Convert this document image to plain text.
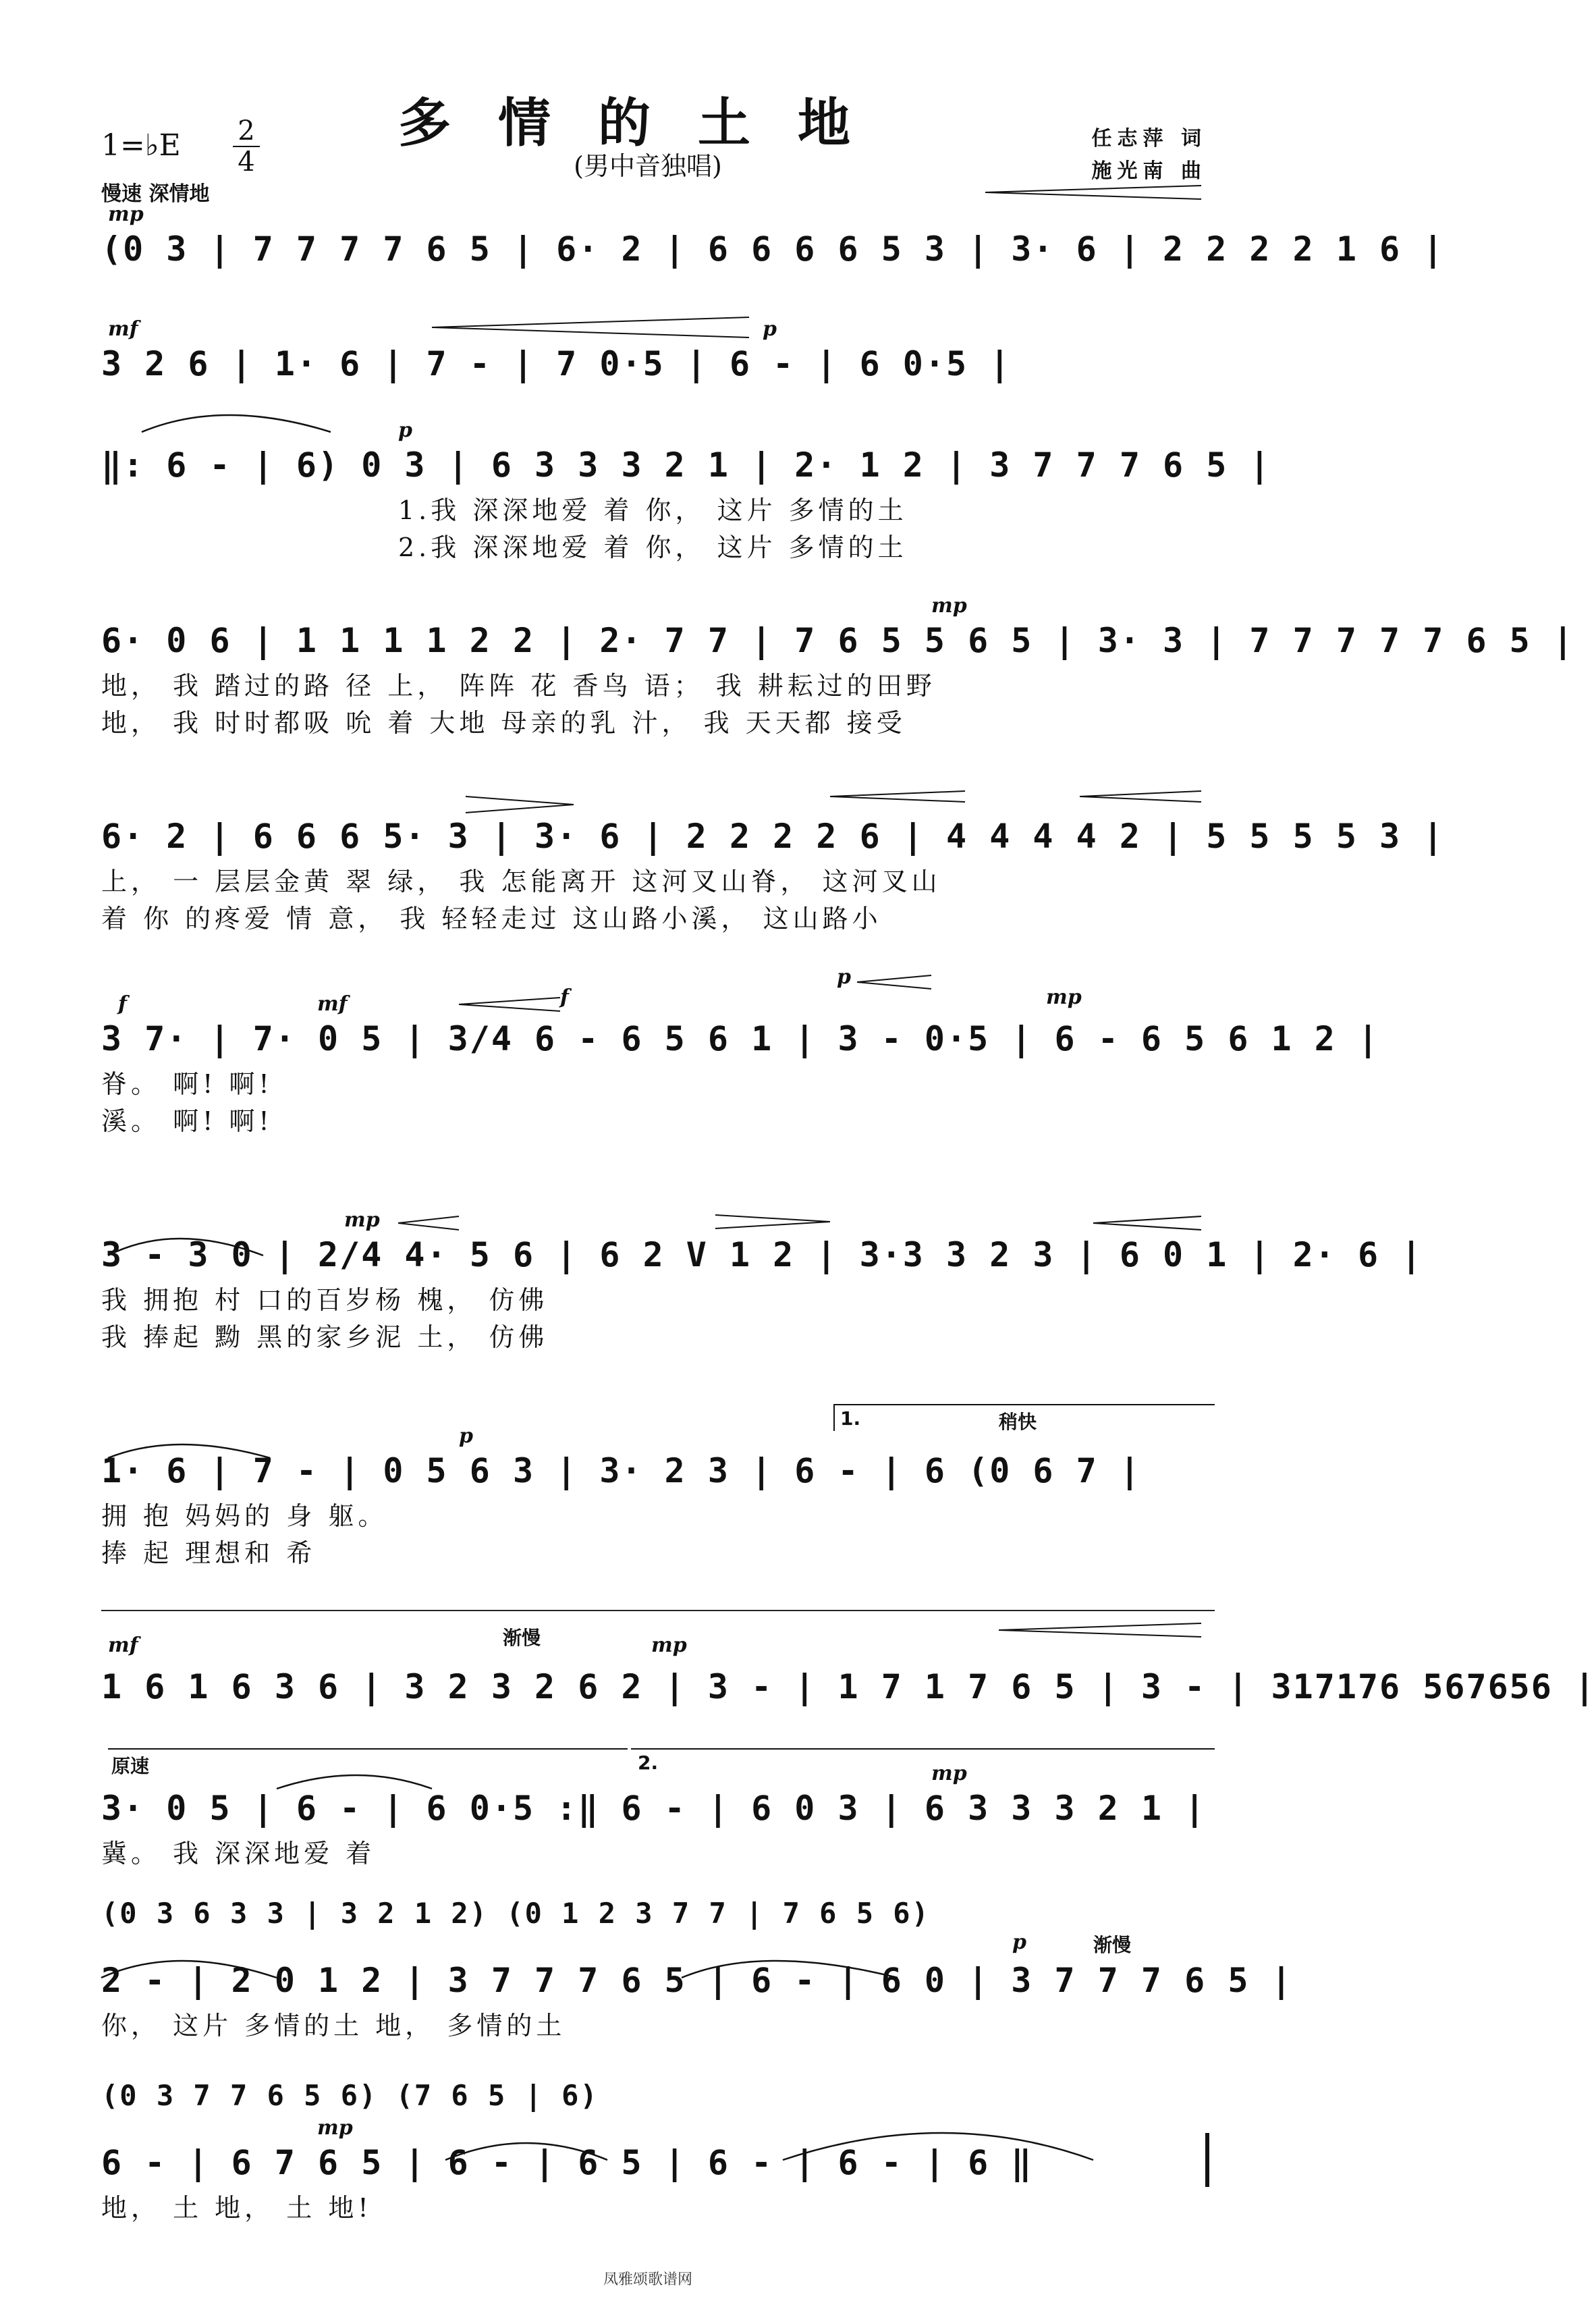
多情的土地
(男中音独唱)
1=♭E 2
4
慢速 深情地
任志萍 词
施光南 曲
mp
(0 3 | 7 7 7 7 6 5 | 6· 2 | 6 6 6 6 5 3 | 3· 6 | 2 2 2 2 1 6 |
mf	p
3 2 6 | 1· 6 | 7 - | 7 0·5 | 6 - | 6 0·5 |
p
‖: 6 - | 6) 0 3 | 6 3 3 3 2 1 | 2· 1 2 | 3 7 7 7 6 5 |
1.我 深深地爱 着 你， 这片 多情的土
2.我 深深地爱 着 你， 这片 多情的土
mp
6· 0 6 | 1 1 1 1 2 2 | 2· 7 7 | 7 6 5 5 6 5 | 3· 3 | 7 7 7 7 7 6 5 |
地， 我 踏过的路 径 上， 阵阵 花 香鸟 语； 我 耕耘过的田野
地， 我 时时都吸 吮 着 大地 母亲的乳 汁， 我 天天都 接受
6· 2 | 6 6 6 5· 3 | 3· 6 | 2 2 2 2 6 | 4 4 4 4 2 | 5 5 5 5 3 |
上， 一 层层金黄 翠 绿， 我 怎能离开 这河叉山脊， 这河叉山
着 你 的疼爱 情 意， 我 轻轻走过 这山路小溪， 这山路小
f	mf	f
p
mp
3 7· | 7· 0 5 | 3/4 6 - 6 5 6 1 | 3 - 0·5 | 6 - 6 5 6 1 2 |
脊。 啊! 啊!
溪。 啊! 啊!
mp
3 - 3 0 | 2/4 4· 5 6 | 6 2 V 1 2 | 3·3 3 2 3 | 6 0 1 | 2· 6 |
我 拥抱 村 口的百岁杨 槐， 仿佛
我 捧起 黝 黑的家乡泥 土， 仿佛
1.	稍快
p
1· 6 | 7 - | 0 5 6 3 | 3· 2 3 | 6 - | 6 (0 6 7 |
拥 抱 妈妈的 身 躯。
捧 起 理想和 希
mf	渐慢	mp
1 6 1 6 3 6 | 3 2 3 2 6 2 | 3 - | 1 7 1 7 6 5 | 3 - | 317176 567656 |
原速	2.	mp
3· 0 5 | 6 - | 6 0·5 :‖ 6 - | 6 0 3 | 6 3 3 3 2 1 |
冀。 我 深深地爱 着
(0 3 6 3 3 | 3 2 1 2) (0 1 2 3 7 7 | 7 6 5 6)
p	渐慢
2 - | 2 0 1 2 | 3 7 7 7 6 5 | 6 - | 6 0 | 3 7 7 7 6 5 |
你， 这片 多情的土 地， 多情的土
(0 3 7 7 6 5 6) (7 6 5 | 6)
mp
6 - | 6 7 6 5 | 6 - | 6 5 | 6 - | 6 - | 6 ‖
地， 土 地， 土 地!
凤雅颂歌谱网
